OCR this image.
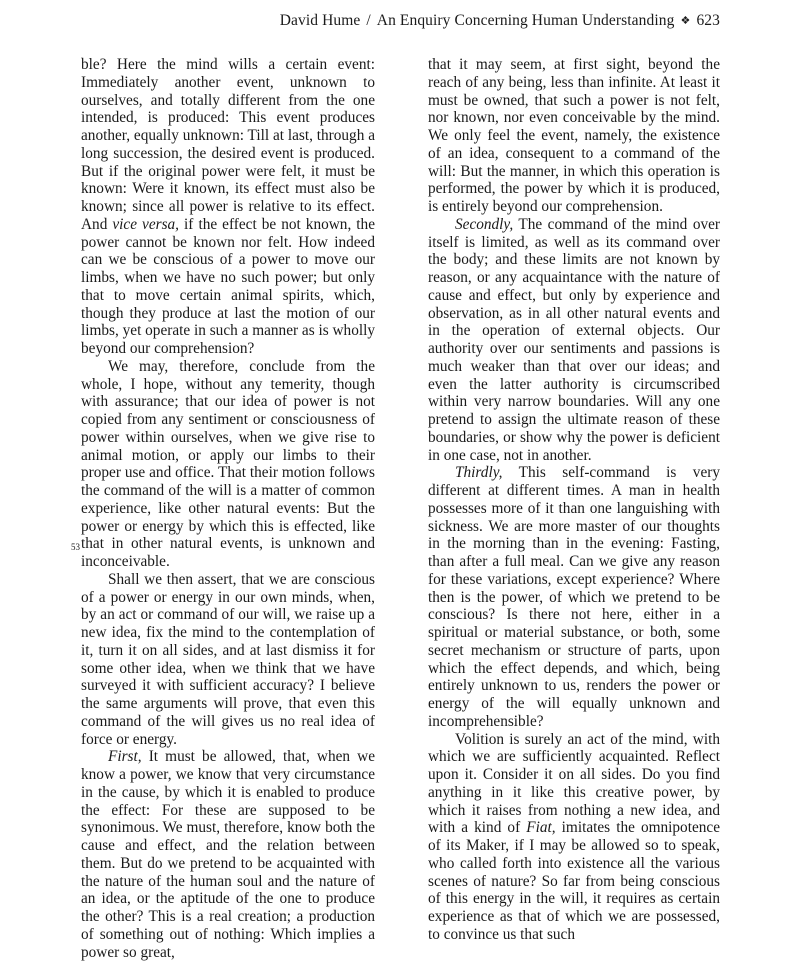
David Hume / An Enquiry Concerning Human Understanding ❖ 623
53

ble? Here the mind wills a certain event: Immediately another event, unknown to ourselves, and totally different from the one intended, is produced: This event produces another, equally unknown: Till at last, through a long succession, the desired event is produced. But if the original power were felt, it must be known: Were it known, its effect must also be known; since all power is relative to its effect. And vice versa, if the effect be not known, the power cannot be known nor felt. How indeed can we be conscious of a power to move our limbs, when we have no such power; but only that to move certain animal spirits, which, though they produce at last the motion of our limbs, yet operate in such a manner as is wholly beyond our comprehension?

We may, therefore, conclude from the whole, I hope, without any temerity, though with assurance; that our idea of power is not copied from any sentiment or consciousness of power within ourselves, when we give rise to animal motion, or apply our limbs to their proper use and office. That their motion follows the command of the will is a matter of common experience, like other natural events: But the power or energy by which this is effected, like that in other natural events, is unknown and inconceivable.

Shall we then assert, that we are conscious of a power or energy in our own minds, when, by an act or command of our will, we raise up a new idea, fix the mind to the contemplation of it, turn it on all sides, and at last dismiss it for some other idea, when we think that we have surveyed it with sufficient accuracy? I believe the same arguments will prove, that even this command of the will gives us no real idea of force or energy.

First, It must be allowed, that, when we know a power, we know that very circumstance in the cause, by which it is enabled to produce the effect: For these are supposed to be synonimous. We must, therefore, know both the cause and effect, and the relation between them. But do we pretend to be acquainted with the nature of the human soul and the nature of an idea, or the aptitude of the one to produce the other? This is a real creation; a production of something out of nothing: Which implies a power so great,

that it may seem, at first sight, beyond the reach of any being, less than infinite. At least it must be owned, that such a power is not felt, nor known, nor even conceivable by the mind. We only feel the event, namely, the existence of an idea, consequent to a command of the will: But the manner, in which this operation is performed, the power by which it is produced, is entirely beyond our comprehension.

Secondly, The command of the mind over itself is limited, as well as its command over the body; and these limits are not known by reason, or any acquaintance with the nature of cause and effect, but only by experience and observation, as in all other natural events and in the operation of external objects. Our authority over our sentiments and passions is much weaker than that over our ideas; and even the latter authority is circumscribed within very narrow boundaries. Will any one pretend to assign the ultimate reason of these boundaries, or show why the power is deficient in one case, not in another.

Thirdly, This self-command is very different at different times. A man in health possesses more of it than one languishing with sickness. We are more master of our thoughts in the morning than in the evening: Fasting, than after a full meal. Can we give any reason for these variations, except experience? Where then is the power, of which we pretend to be conscious? Is there not here, either in a spiritual or material substance, or both, some secret mechanism or structure of parts, upon which the effect depends, and which, being entirely unknown to us, renders the power or energy of the will equally unknown and incomprehensible?

Volition is surely an act of the mind, with which we are sufficiently acquainted. Reflect upon it. Consider it on all sides. Do you find anything in it like this creative power, by which it raises from nothing a new idea, and with a kind of Fiat, imitates the omnipotence of its Maker, if I may be allowed so to speak, who called forth into existence all the various scenes of nature? So far from being conscious of this energy in the will, it requires as certain experience as that of which we are possessed, to convince us that such
